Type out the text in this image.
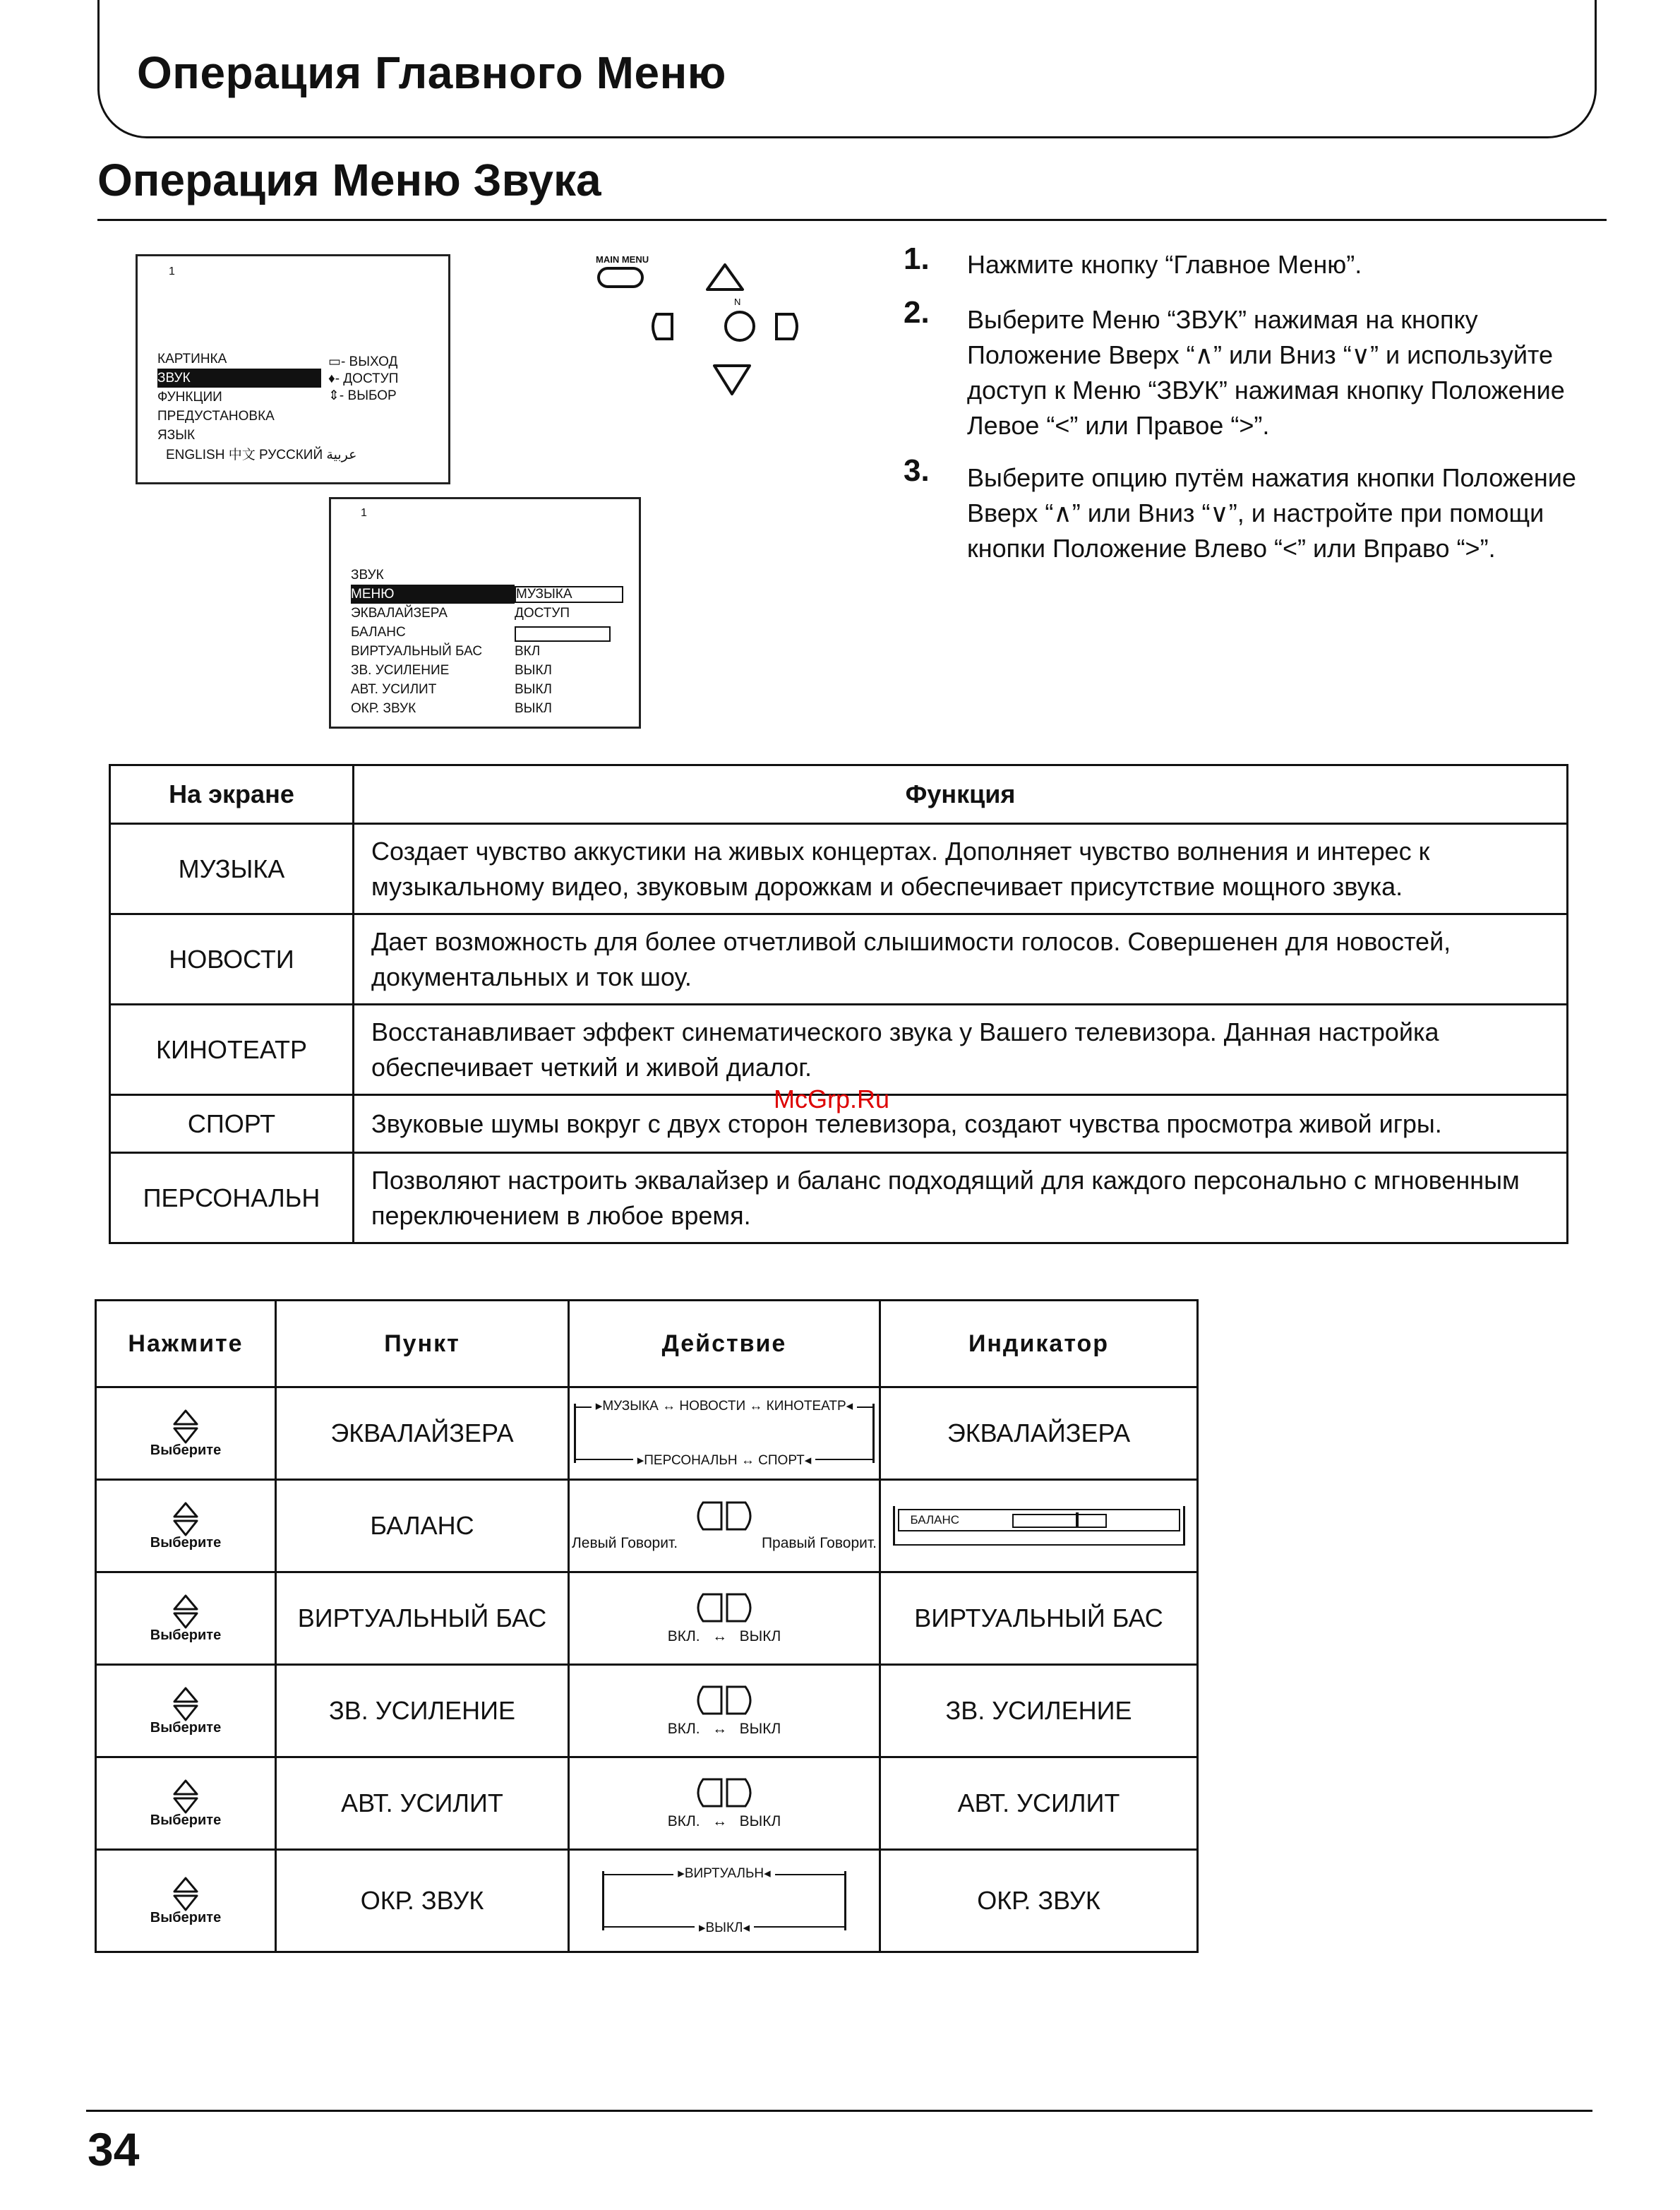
Операция Главного Меню
Операция Меню Звука
1
КАРТИНКА
ЗВУК
ФУНКЦИИ
ПРЕДУСТАНОВКА
ЯЗЫК
ENGLISH 中文 РУССКИЙ عربية
▭- ВЫХОД
♦- ДОСТУП
⇕- ВЫБОР
1
ЗВУК
МЕНЮ	МУЗЫКА
ЭКВАЛАЙЗЕРА	ДОСТУП
БАЛАНС
ВИРТУАЛЬНЫЙ БАС ВКЛ
ЗВ. УСИЛЕНИЕ	ВЫКЛ
АВТ. УСИЛИТ	ВЫКЛ
ОКР. ЗВУК	ВЫКЛ
MAIN MENU
N
1. Нажмите кнопку “Главное Меню”.
2. Выберите Меню “ЗВУК” нажимая на кнопку Положение Вверх “∧” или Вниз “∨” и используйте доступ к Меню “ЗВУК” нажимая кнопку Положение Левое “<” или Правое “>”.
3. Выберите опцию путём нажатия кнопки Положение Вверх “∧” или Вниз “∨”, и настройте при помощи кнопки Положение Влево “<” или Вправо “>”.
На экране	Функция
МУЗЫКА	Создает чувство аккустики на живых концертах. Дополняет чувство волнения и интерес к музыкальному видео, звуковым дорожкам и обеспечивает присутствие мощного звука.
НОВОСТИ	Дает возможность для более отчетливой слышимости голосов. Совершенен для новостей, документальных и ток шоу.
КИНОТЕАТР	Восстанавливает эффект синематического звука у Вашего телевизора. Данная настройка обеспечивает четкий и живой диалог.
СПОРТ	Звуковые шумы вокруг с двух сторон телевизора, создают чувства просмотра живой игры.
ПЕРСОНАЛЬН	Позволяют настроить эквалайзер и баланс подходящий для каждого персонально с мгновенным переключением в любое время.
Нажмите	Пункт	Действие	Индикатор

Выберите	ЭКВАЛАЙЗЕРА	▸МУЗЫКА ↔ НОВОСТИ ↔ КИНОТЕАТР◂
▸ПЕРСОНАЛЬН ↔ СПОРТ◂	ЭКВАЛАЙЗЕРА

Выберите	БАЛАНС	Левый Говорит. Правый Говорит.	БАЛАНС

Выберите	ВИРТУАЛЬНЫЙ БАС	ВКЛ. ↔ ВЫКЛ	ВИРТУАЛЬНЫЙ БАС

Выберите	ЗВ. УСИЛЕНИЕ	ВКЛ. ↔ ВЫКЛ	ЗВ. УСИЛЕНИЕ

Выберите	АВТ. УСИЛИТ	ВКЛ. ↔ ВЫКЛ	АВТ. УСИЛИТ

Выберите	ОКР. ЗВУК	▸ВИРТУАЛЬН◂
▸ВЫКЛ◂	ОКР. ЗВУК
McGrp.Ru
34
